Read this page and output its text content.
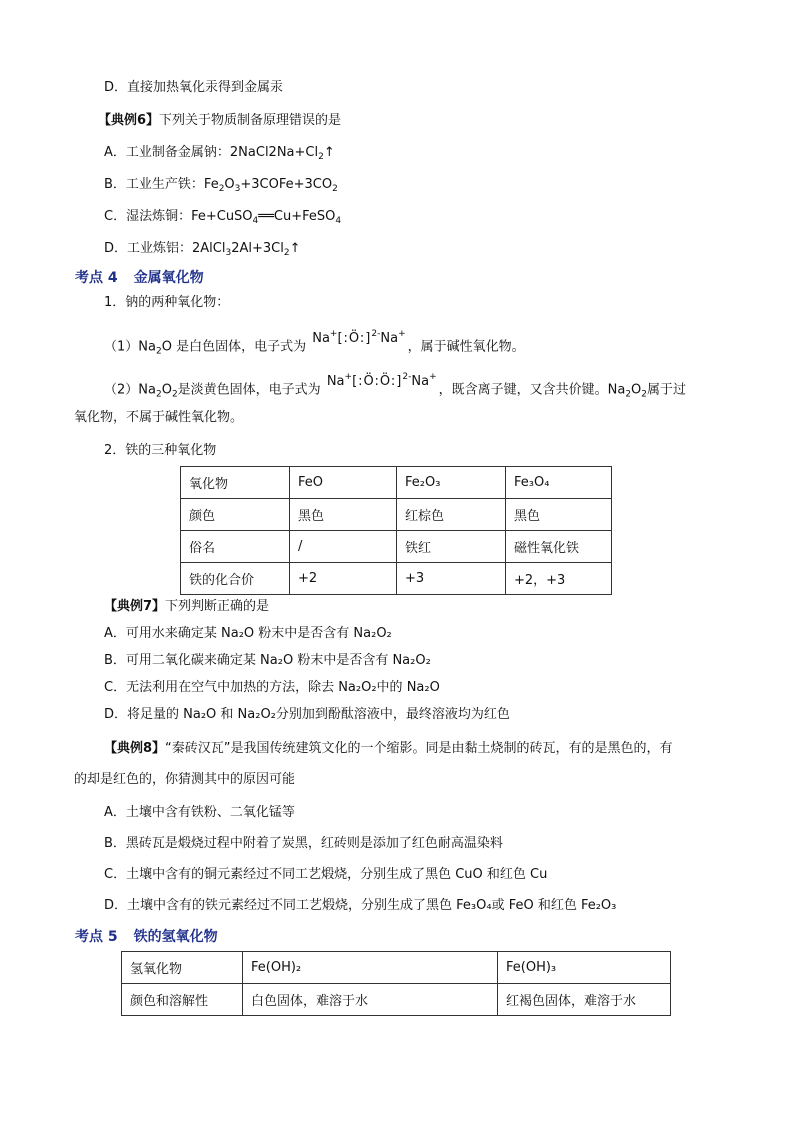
D．直接加热氧化汞得到金属汞
【典例6】下列关于物质制备原理错误的是
A．工业制备金属钠：$2NaCl2Na+Cl_2↑$
B．工业生产铁：$Fe_2O_3+3COFe+3CO_2$
C．湿法炼铜：Fe+CuSO$_4$══Cu+FeSO$_4$
D．工业炼铝：$2AlCl_32Al+3Cl_2↑$
考点 4 金属氧化物
1．钠的两种氧化物：
$(1)Na_2O$ 是白色固体，电子式为 Na+[:Ö:]$^{2-}$Na+，属于碱性氧化物。
$(2)Na_2O_2$是淡黄色固体，电子式为 Na+[:Ö:Ö:]$^{2-}$Na+，既含离子键，又含共价键。$Na_2O_2$属于过
氧化物，不属于碱性氧化物。
2．铁的三种氧化物
氧化物	FeO	Fe₂O₃	Fe₃O₄
颜色	黑色	红棕色	黑色
俗名	/	铁红	磁性氧化铁
铁的化合价	+2	+3	+2，+3
【典例7】下列判断正确的是
A．可用水来确定某 Na₂O 粉末中是否含有 Na₂O₂
B．可用二氧化碳来确定某 Na₂O 粉末中是否含有 Na₂O₂
C．无法利用在空气中加热的方法，除去 Na₂O₂中的 Na₂O
D．将足量的 Na₂O 和 Na₂O₂分别加到酚酞溶液中，最终溶液均为红色
【典例8】“秦砖汉瓦”是我国传统建筑文化的一个缩影。同是由黏土烧制的砖瓦，有的是黑色的，有
的却是红色的，你猜测其中的原因可能
A．土壤中含有铁粉、二氧化锰等
B．黑砖瓦是煅烧过程中附着了炭黑，红砖则是添加了红色耐高温染料
C．土壤中含有的铜元素经过不同工艺煅烧，分别生成了黑色 CuO 和红色 Cu
D．土壤中含有的铁元素经过不同工艺煅烧，分别生成了黑色 Fe₃O₄或 FeO 和红色 Fe₂O₃
考点 5 铁的氢氧化物
氢氧化物	Fe(OH)₂	Fe(OH)₃
颜色和溶解性	白色固体，难溶于水	红褐色固体，难溶于水
